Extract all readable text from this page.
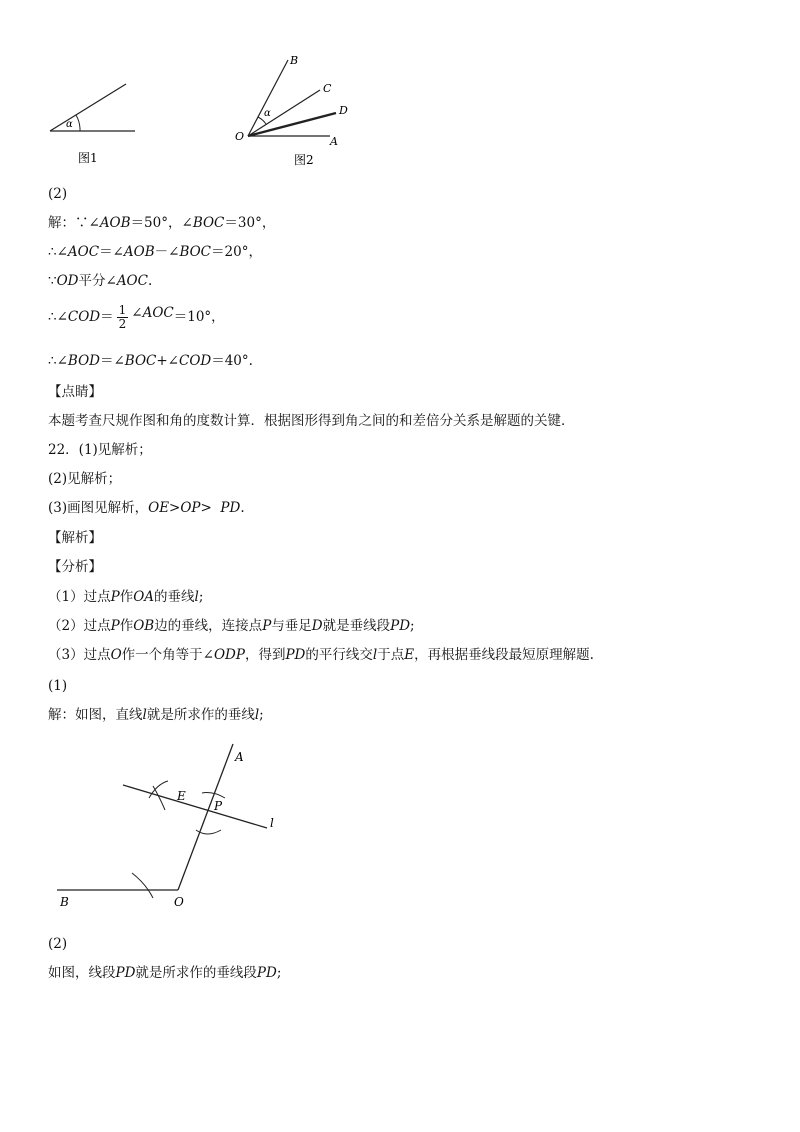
α
图1
B
C
D
A
O
α
图2
(2)
解：∵∠AOB＝50°，∠BOC＝30°，
∴∠AOC＝∠AOB－∠BOC＝20°，
∵OD平分∠AOC.
∴∠COD＝ $\frac{1}{2}$ ∠AOC＝10°，
∴∠BOD＝∠BOC+∠COD＝40°.
【点睛】
本题考查尺规作图和角的度数计算．根据图形得到角之间的和差倍分关系是解题的关键．
22．(1)见解析；
(2)见解析；
(3)画图见解析，OE>OP>  PD.
【解析】
【分析】
（1）过点P作OA的垂线l;
（2）过点P作OB边的垂线，连接点P与垂足D就是垂线段PD;
（3）过点O作一个角等于∠ODP，得到PD的平行线交l于点E，再根据垂线段最短原理解题.
(1)
解：如图，直线l就是所求作的垂线l;
A
E
P
l
B	O
(2)
如图，线段PD就是所求作的垂线段PD;
